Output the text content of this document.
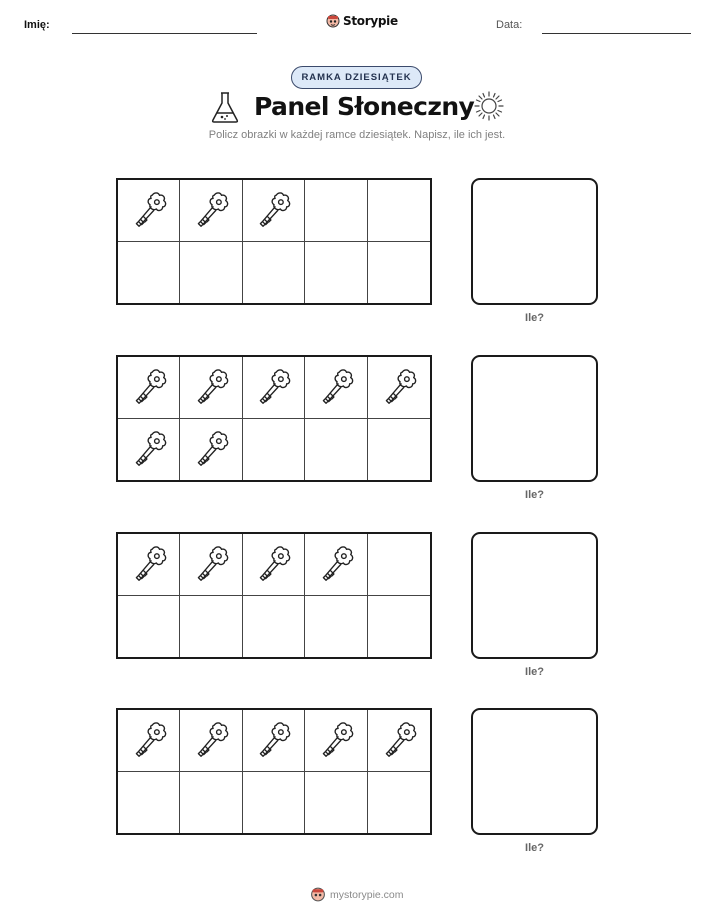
Imię:	Storypie	Data:
RAMKA DZIESIĄTEK
Panel Słoneczny
Policz obrazki w każdej ramce dziesiątek. Napisz, ile ich jest.
Ile?
Ile?
Ile?
Ile?
mystorypie.com
